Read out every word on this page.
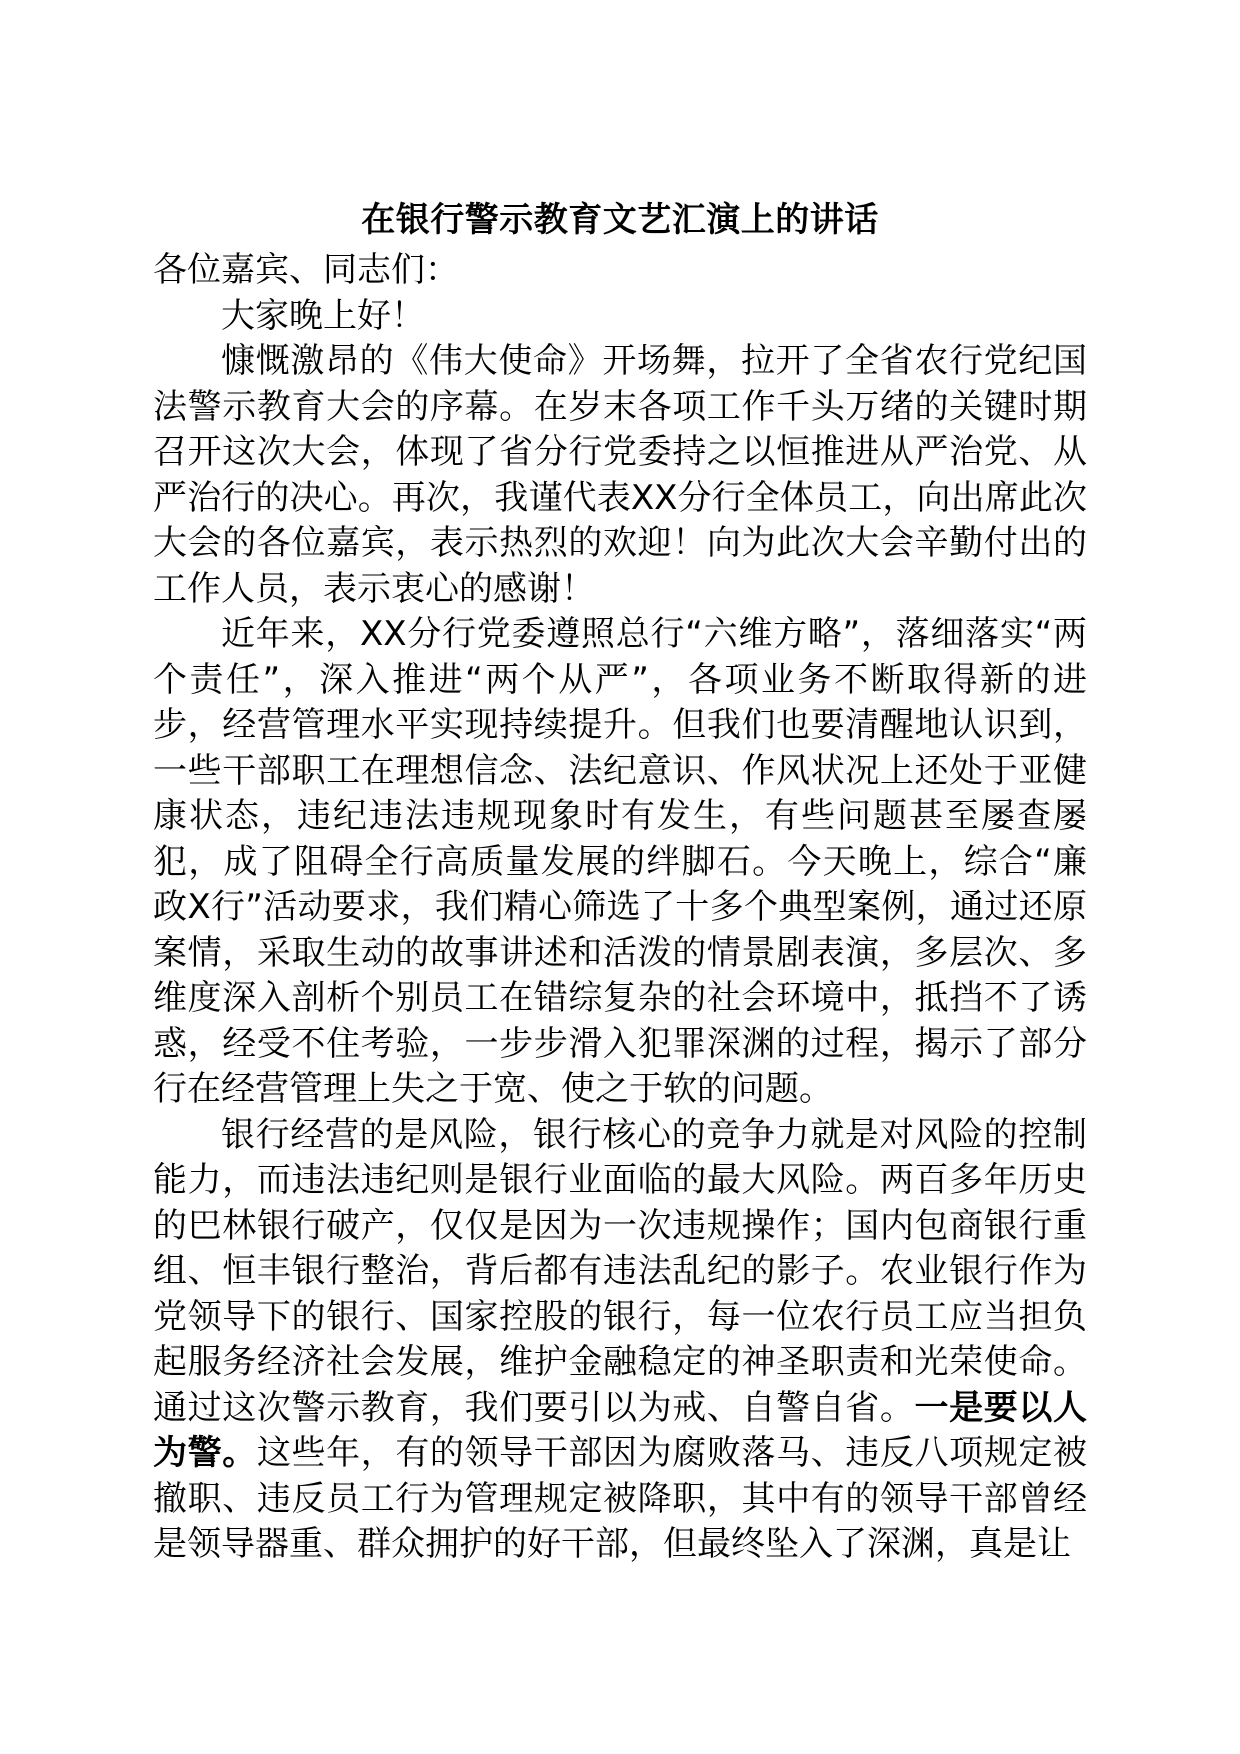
在银行警示教育文艺汇演上的讲话

各位嘉宾、同志们：

大家晚上好！

慷慨激昂的《伟大使命》开场舞，拉开了全省农行党纪国法警示教育大会的序幕。在岁末各项工作千头万绪的关键时期召开这次大会，体现了省分行党委持之以恒推进从严治党、从严治行的决心。再次，我谨代表XX分行全体员工，向出席此次大会的各位嘉宾，表示热烈的欢迎！向为此次大会辛勤付出的工作人员，表示衷心的感谢！

近年来，XX分行党委遵照总行“六维方略”，落细落实“两个责任”，深入推进“两个从严”，各项业务不断取得新的进步，经营管理水平实现持续提升。但我们也要清醒地认识到，一些干部职工在理想信念、法纪意识、作风状况上还处于亚健康状态，违纪违法违规现象时有发生，有些问题甚至屡查屡犯，成了阻碍全行高质量发展的绊脚石。今天晚上，综合“廉政X行”活动要求，我们精心筛选了十多个典型案例，通过还原案情，采取生动的故事讲述和活泼的情景剧表演，多层次、多维度深入剖析个别员工在错综复杂的社会环境中，抵挡不了诱惑，经受不住考验，一步步滑入犯罪深渊的过程，揭示了部分行在经营管理上失之于宽、使之于软的问题。

银行经营的是风险，银行核心的竞争力就是对风险的控制能力，而违法违纪则是银行业面临的最大风险。两百多年历史的巴林银行破产，仅仅是因为一次违规操作；国内包商银行重组、恒丰银行整治，背后都有违法乱纪的影子。农业银行作为党领导下的银行、国家控股的银行，每一位农行员工应当担负起服务经济社会发展，维护金融稳定的神圣职责和光荣使命。通过这次警示教育，我们要引以为戒、自警自省。一是要以人为警。这些年，有的领导干部因为腐败落马、违反八项规定被撤职、违反员工行为管理规定被降职，其中有的领导干部曾经是领导器重、群众拥护的好干部，但最终坠入了深渊，真是让
